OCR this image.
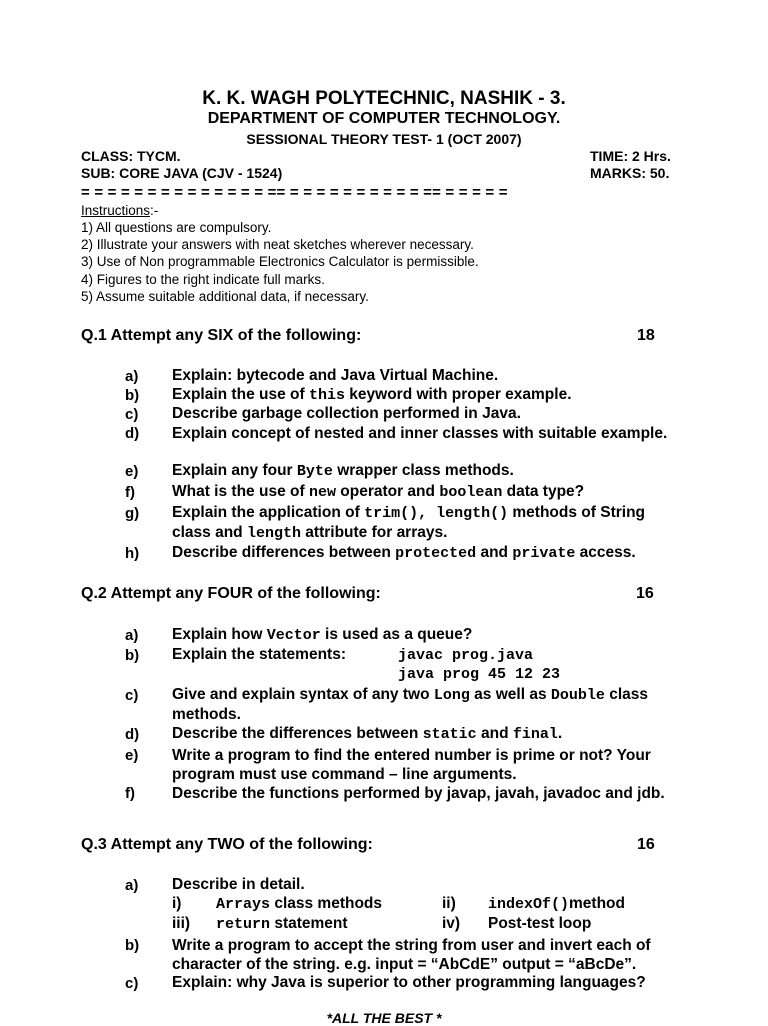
K. K. WAGH POLYTECHNIC, NASHIK - 3.
DEPARTMENT OF COMPUTER TECHNOLOGY.
SESSIONAL THEORY TEST- 1 (OCT 2007)
CLASS: TYCM.	TIME: 2 Hrs.
SUB: CORE JAVA (CJV - 1524)	MARKS: 50.
= = = = = = = = = = = = = = == = = = = = = = = = = == = = = = =
Instructions:-
1) All questions are compulsory.
2) Illustrate your answers with neat sketches wherever necessary.
3) Use of Non programmable Electronics Calculator is permissible.
4) Figures to the right indicate full marks.
5) Assume suitable additional data, if necessary.
Q.1 Attempt any SIX of the following:	18
a) Explain: bytecode and Java Virtual Machine.
b) Explain the use of this keyword with proper example.
c) Describe garbage collection performed in Java.
d) Explain concept of nested and inner classes with suitable example.
e) Explain any four Byte wrapper class methods.
f) What is the use of new operator and boolean data type?
g) Explain the application of trim(), length() methods of String
class and length attribute for arrays.
h) Describe differences between protected and private access.
Q.2 Attempt any FOUR of the following:	16
a) Explain how Vector is used as a queue?
b) Explain the statements:	javac prog.java
java prog 45 12 23
c) Give and explain syntax of any two Long as well as Double class
methods.
d) Describe the differences between static and final.
e) Write a program to find the entered number is prime or not? Your program must use command – line arguments.
f) Describe the functions performed by javap, javah, javadoc and jdb.
Q.3 Attempt any TWO of the following:	16
a) Describe in detail.
i) Arrays class methods	ii) indexOf()method
iii) return statement	iv) Post-test loop
b) Write a program to accept the string from user and invert each of character of the string. e.g. input = “AbCdE” output = “aBcDe”.
c) Explain: why Java is superior to other programming languages?
*ALL THE BEST *
